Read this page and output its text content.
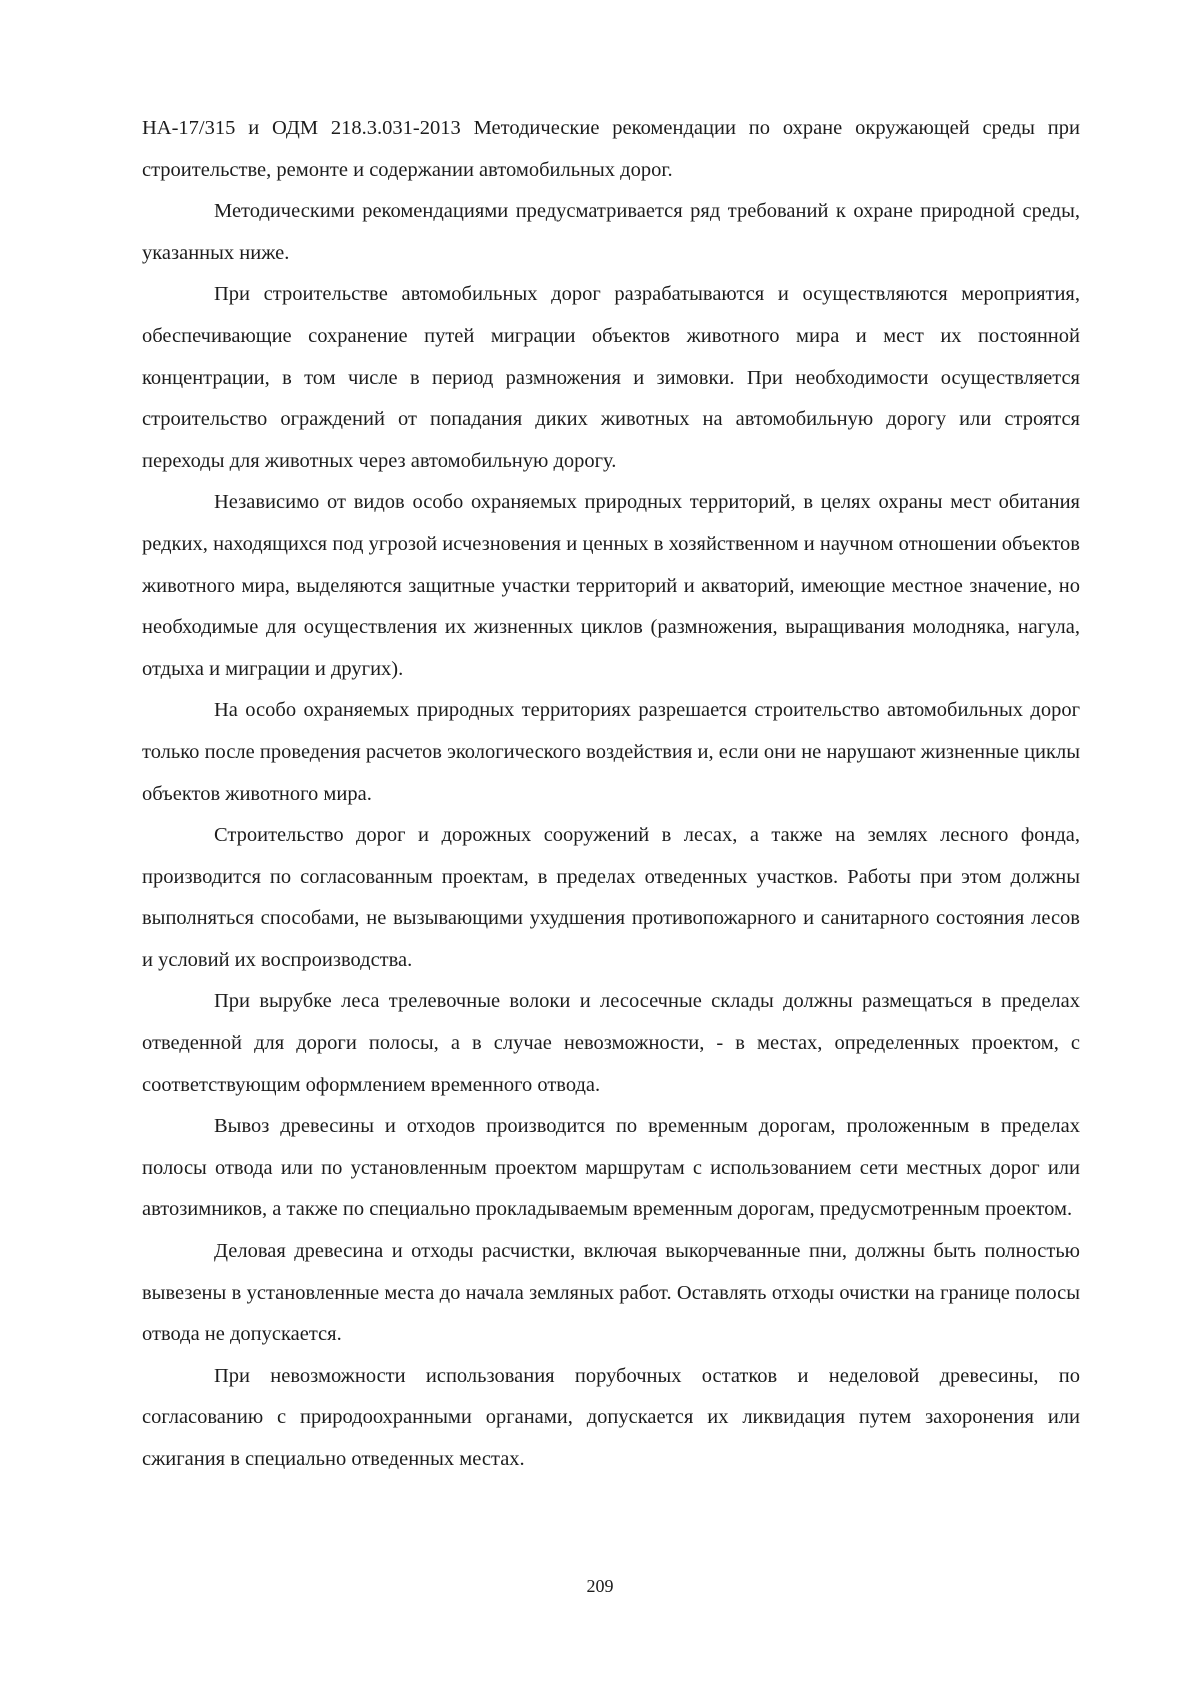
НА-17/315 и ОДМ 218.3.031-2013 Методические рекомендации по охране окружающей среды при строительстве, ремонте и содержании автомобильных дорог.

Методическими рекомендациями предусматривается ряд требований к охране природной среды, указанных ниже.

При строительстве автомобильных дорог разрабатываются и осуществляются мероприятия, обеспечивающие сохранение путей миграции объектов животного мира и мест их постоянной концентрации, в том числе в период размножения и зимовки. При необходимости осуществляется строительство ограждений от попадания диких животных на автомобильную дорогу или строятся переходы для животных через автомобильную дорогу.

Независимо от видов особо охраняемых природных территорий, в целях охраны мест обитания редких, находящихся под угрозой исчезновения и ценных в хозяйственном и научном отношении объектов животного мира, выделяются защитные участки территорий и акваторий, имеющие местное значение, но необходимые для осуществления их жизненных циклов (размножения, выращивания молодняка, нагула, отдыха и миграции и других).

На особо охраняемых природных территориях разрешается строительство автомобильных дорог только после проведения расчетов экологического воздействия и, если они не нарушают жизненные циклы объектов животного мира.

Строительство дорог и дорожных сооружений в лесах, а также на землях лесного фонда, производится по согласованным проектам, в пределах отведенных участков. Работы при этом должны выполняться способами, не вызывающими ухудшения противопожарного и санитарного состояния лесов и условий их воспроизводства.

При вырубке леса трелевочные волоки и лесосечные склады должны размещаться в пределах отведенной для дороги полосы, а в случае невозможности, - в местах, определенных проектом, с соответствующим оформлением временного отвода.

Вывоз древесины и отходов производится по временным дорогам, проложенным в пределах полосы отвода или по установленным проектом маршрутам с использованием сети местных дорог или автозимников, а также по специально прокладываемым временным дорогам, предусмотренным проектом.

Деловая древесина и отходы расчистки, включая выкорчеванные пни, должны быть полностью вывезены в установленные места до начала земляных работ. Оставлять отходы очистки на границе полосы отвода не допускается.

При невозможности использования порубочных остатков и неделовой древесины, по согласованию с природоохранными органами, допускается их ликвидация путем захоронения или сжигания в специально отведенных местах.

209
